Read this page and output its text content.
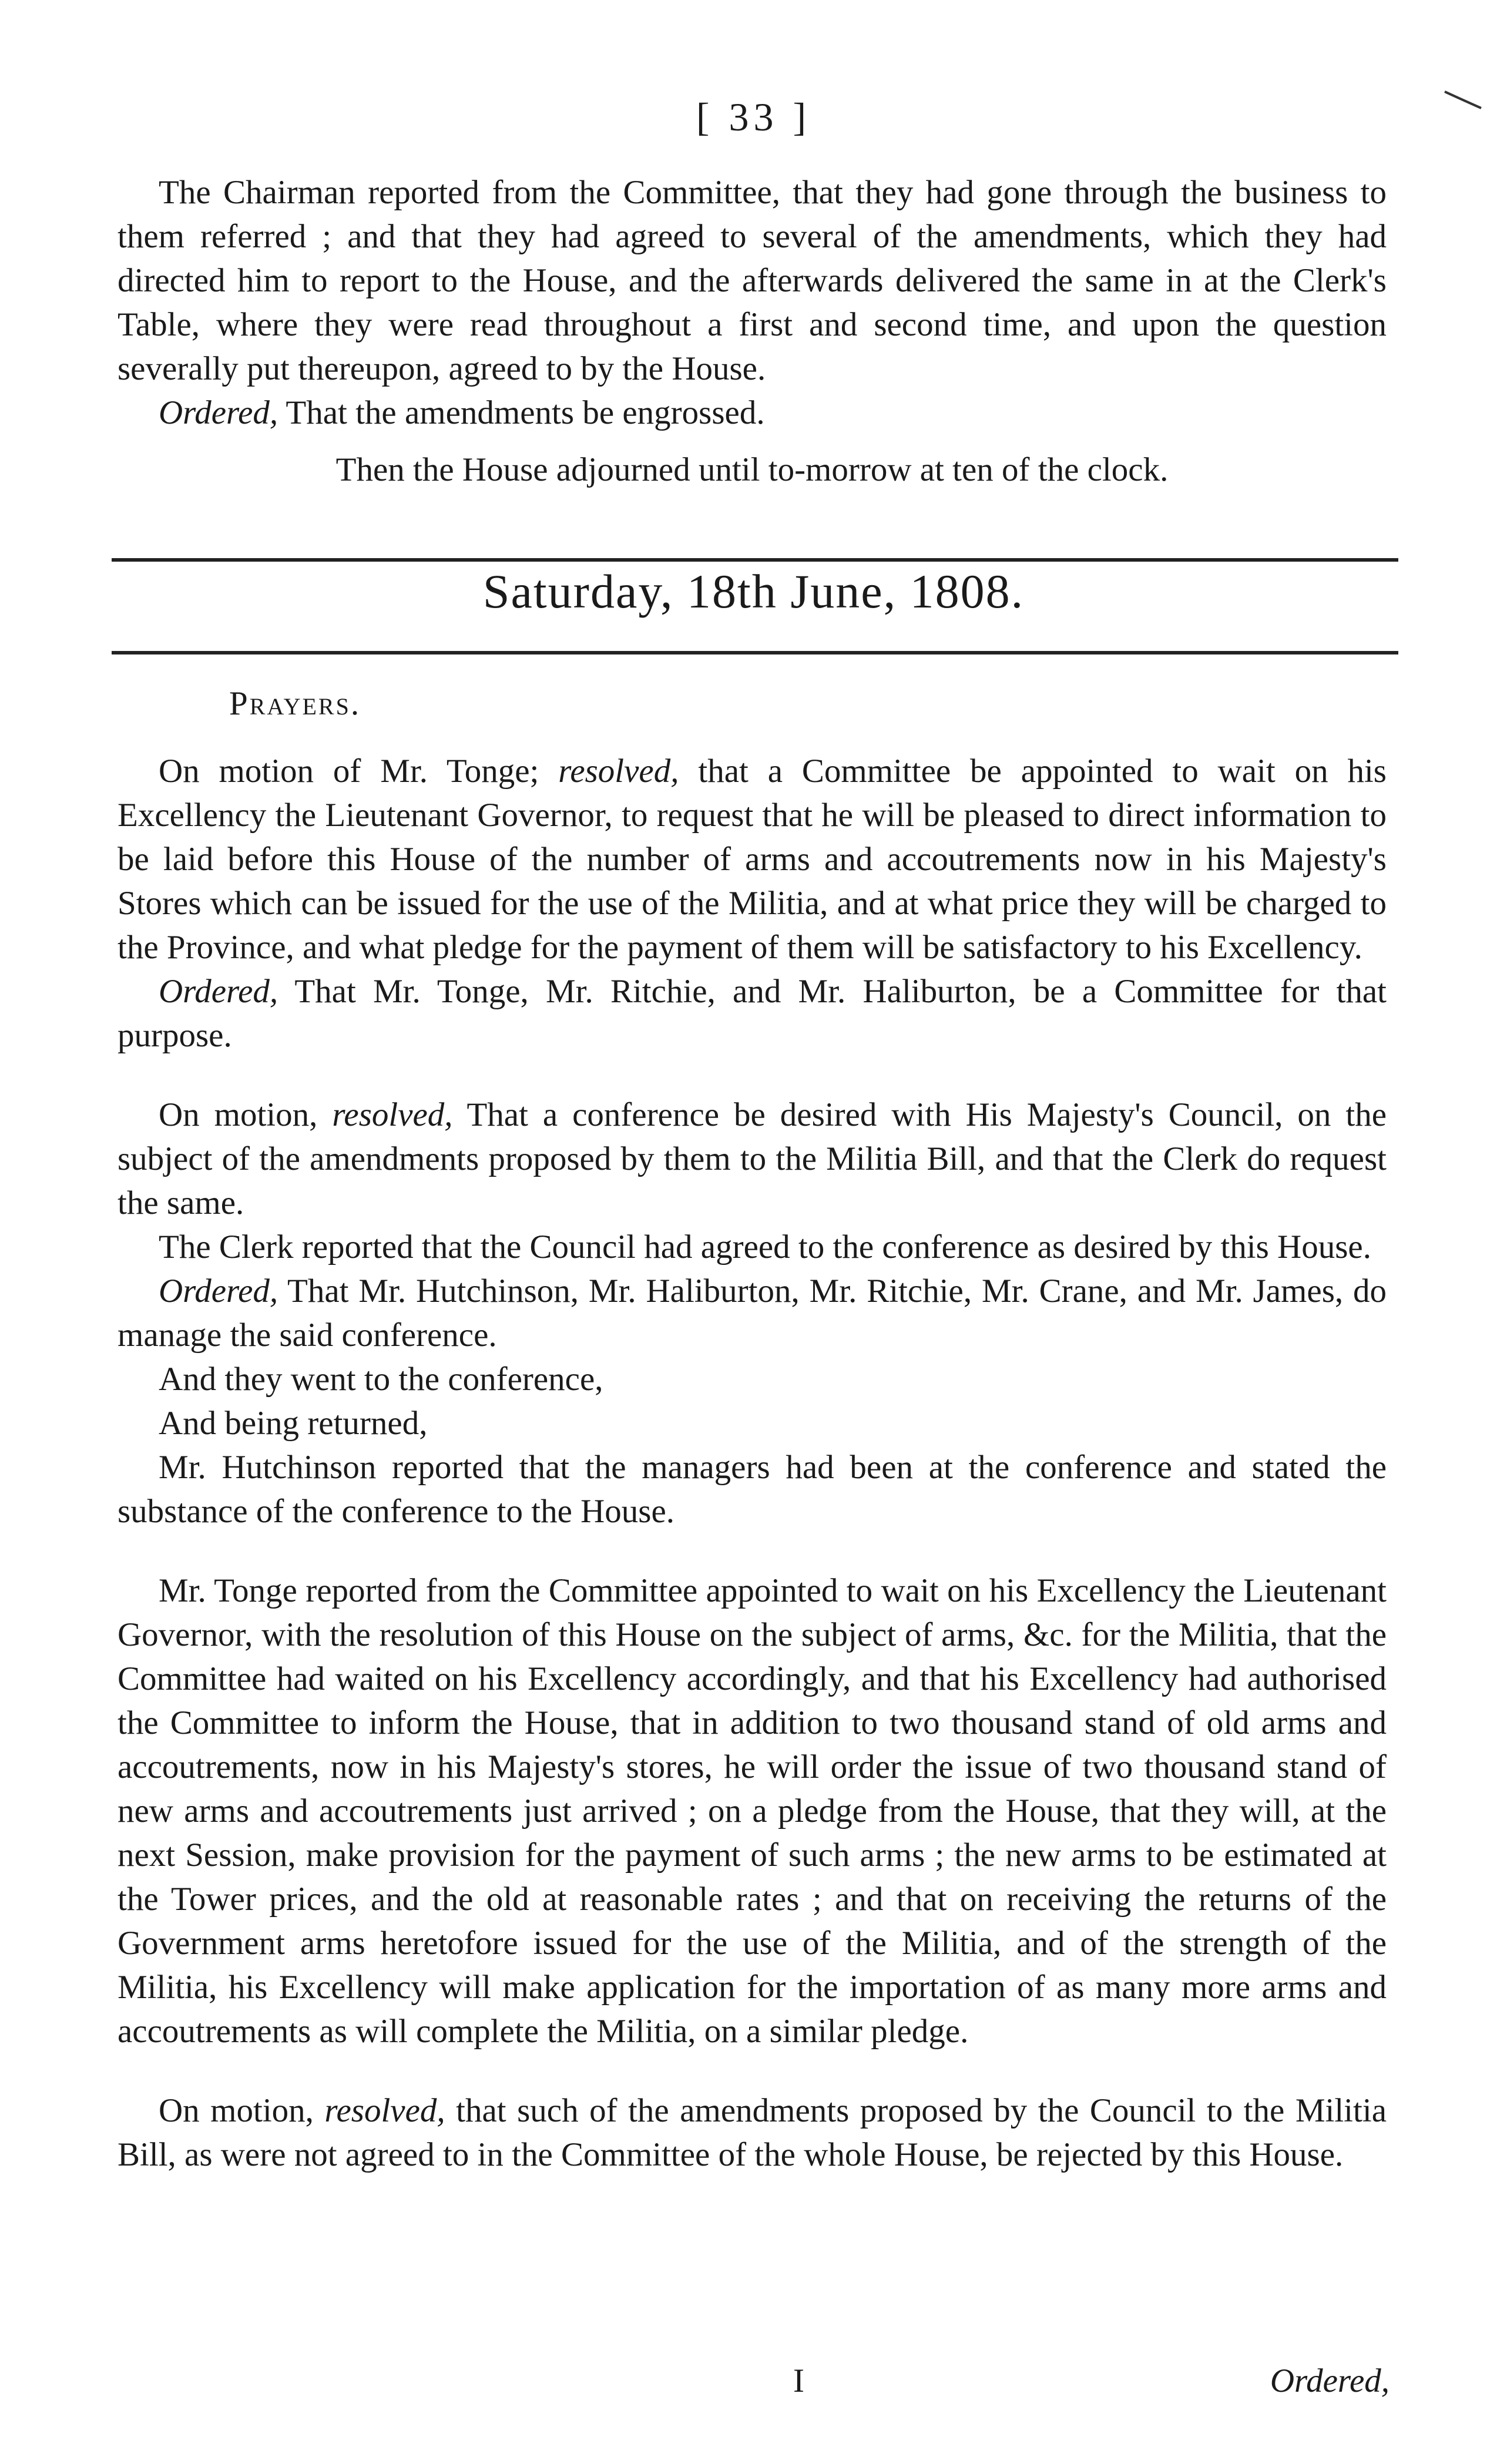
[ 33 ]

The Chairman reported from the Committee, that they had gone through the business to them referred ; and that they had agreed to several of the amendments, which they had directed him to report to the House, and the afterwards delivered the same in at the Clerk's Table, where they were read throughout a first and second time, and upon the question severally put thereupon, agreed to by the House.

Ordered, That the amendments be engrossed.

Then the House adjourned until to-morrow at ten of the clock.

Saturday, 18th June, 1808.

Prayers.

On motion of Mr. Tonge; resolved, that a Committee be appointed to wait on his Excellency the Lieutenant Governor, to request that he will be pleased to direct information to be laid before this House of the number of arms and accoutrements now in his Majesty's Stores which can be issued for the use of the Militia, and at what price they will be charged to the Province, and what pledge for the payment of them will be satisfactory to his Excellency.

Ordered, That Mr. Tonge, Mr. Ritchie, and Mr. Haliburton, be a Committee for that purpose.

On motion, resolved, That a conference be desired with His Majesty's Council, on the subject of the amendments proposed by them to the Militia Bill, and that the Clerk do request the same.

The Clerk reported that the Council had agreed to the conference as desired by this House.

Ordered, That Mr. Hutchinson, Mr. Haliburton, Mr. Ritchie, Mr. Crane, and Mr. James, do manage the said conference.

And they went to the conference,

And being returned,

Mr. Hutchinson reported that the managers had been at the conference and stated the substance of the conference to the House.

Mr. Tonge reported from the Committee appointed to wait on his Excellency the Lieutenant Governor, with the resolution of this House on the subject of arms, &c. for the Militia, that the Committee had waited on his Excellency accordingly, and that his Excellency had authorised the Committee to inform the House, that in addition to two thousand stand of old arms and accoutrements, now in his Majesty's stores, he will order the issue of two thousand stand of new arms and accoutrements just arrived ; on a pledge from the House, that they will, at the next Session, make provision for the payment of such arms ; the new arms to be estimated at the Tower prices, and the old at reasonable rates ; and that on receiving the returns of the Government arms heretofore issued for the use of the Militia, and of the strength of the Militia, his Excellency will make application for the importation of as many more arms and accoutrements as will complete the Militia, on a similar pledge.

On motion, resolved, that such of the amendments proposed by the Council to the Militia Bill, as were not agreed to in the Committee of the whole House, be rejected by this House.

I	Ordered,
